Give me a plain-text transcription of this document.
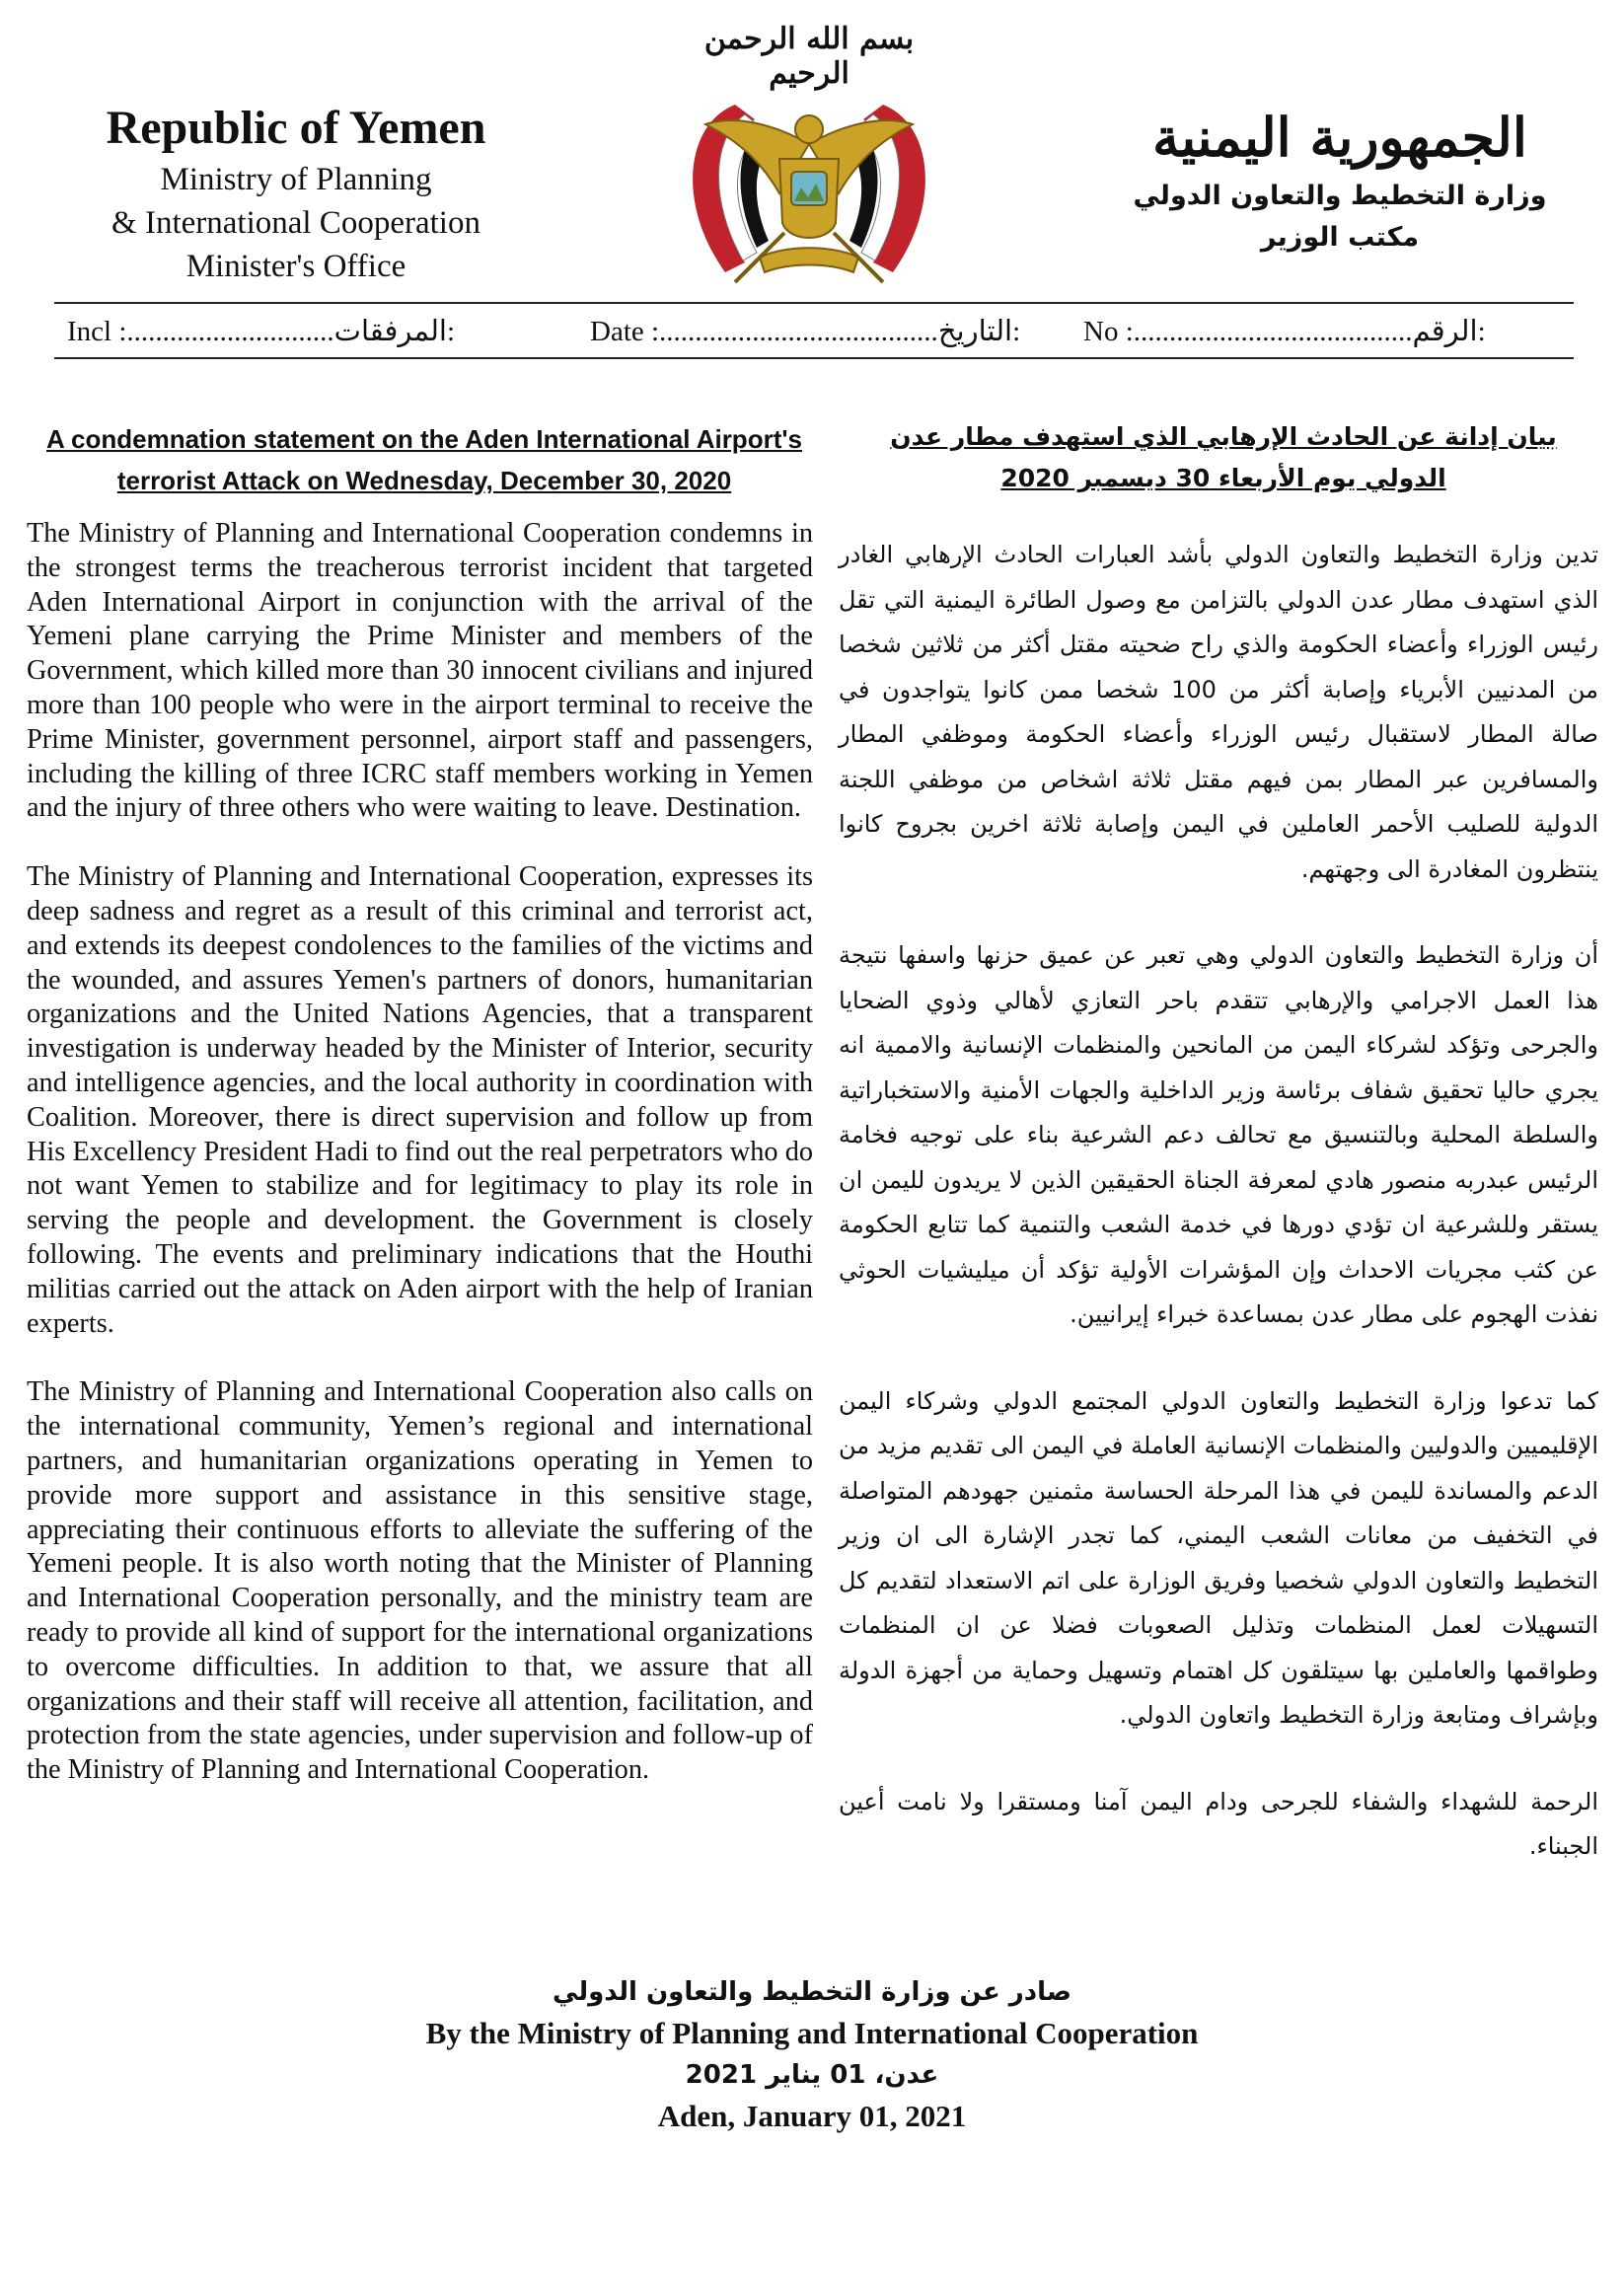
Republic of Yemen
Ministry of Planning
& International Cooperation
Minister's Office
بسم الله الرحمن الرحيم
الجمهورية اليمنية
وزارة التخطيط والتعاون الدولي
مكتب الوزير
Incl :.............................المرفقات:	Date :.......................................التاريخ: No :.......................................الرقم:
A condemnation statement on the Aden International Airport's terrorist Attack on Wednesday, December 30, 2020
بيان إدانة عن الحادث الإرهابي الذي استهدف مطار عدن الدولي يوم الأربعاء 30 ديسمبر 2020

The Ministry of Planning and International Cooperation condemns in the strongest terms the treacherous terrorist incident that targeted Aden International Airport in conjunction with the arrival of the Yemeni plane carrying the Prime Minister and members of the Government, which killed more than 30 innocent civilians and injured more than 100 people who were in the airport terminal to receive the Prime Minister, government personnel, airport staff and passengers, including the killing of three ICRC staff members working in Yemen and the injury of three others who were waiting to leave. Destination.

The Ministry of Planning and International Cooperation, expresses its deep sadness and regret as a result of this criminal and terrorist act, and extends its deepest condolences to the families of the victims and the wounded, and assures Yemen's partners of donors, humanitarian organizations and the United Nations Agencies, that a transparent investigation is underway headed by the Minister of Interior, security and intelligence agencies, and the local authority in coordination with Coalition. Moreover, there is direct supervision and follow up from His Excellency President Hadi to find out the real perpetrators who do not want Yemen to stabilize and for legitimacy to play its role in serving the people and development. the Government is closely following. The events and preliminary indications that the Houthi militias carried out the attack on Aden airport with the help of Iranian experts.

The Ministry of Planning and International Cooperation also calls on the international community, Yemen’s regional and international partners, and humanitarian organizations operating in Yemen to provide more support and assistance in this sensitive stage, appreciating their continuous efforts to alleviate the suffering of the Yemeni people. It is also worth noting that the Minister of Planning and International Cooperation personally, and the ministry team are ready to provide all kind of support for the international organizations to overcome difficulties. In addition to that, we assure that all organizations and their staff will receive all attention, facilitation, and protection from the state agencies, under supervision and follow-up of the Ministry of Planning and International Cooperation.

تدين وزارة التخطيط والتعاون الدولي بأشد العبارات الحادث الإرهابي الغادر الذي استهدف مطار عدن الدولي بالتزامن مع وصول الطائرة اليمنية التي تقل رئيس الوزراء وأعضاء الحكومة والذي راح ضحيته مقتل أكثر من ثلاثين شخصا من المدنيين الأبرياء وإصابة أكثر من 100 شخصا ممن كانوا يتواجدون في صالة المطار لاستقبال رئيس الوزراء وأعضاء الحكومة وموظفي المطار والمسافرين عبر المطار بمن فيهم مقتل ثلاثة اشخاص من موظفي اللجنة الدولية للصليب الأحمر العاملين في اليمن وإصابة ثلاثة اخرين بجروح كانوا ينتظرون المغادرة الى وجهتهم.

أن وزارة التخطيط والتعاون الدولي وهي تعبر عن عميق حزنها واسفها نتيجة هذا العمل الاجرامي والإرهابي تتقدم باحر التعازي لأهالي وذوي الضحايا والجرحى وتؤكد لشركاء اليمن من المانحين والمنظمات الإنسانية والاممية انه يجري حاليا تحقيق شفاف برئاسة وزير الداخلية والجهات الأمنية والاستخباراتية والسلطة المحلية وبالتنسيق مع تحالف دعم الشرعية بناء على توجيه فخامة الرئيس عبدربه منصور هادي لمعرفة الجناة الحقيقين الذين لا يريدون لليمن ان يستقر وللشرعية ان تؤدي دورها في خدمة الشعب والتنمية كما تتابع الحكومة عن كثب مجريات الاحداث وإن المؤشرات الأولية تؤكد أن ميليشيات الحوثي نفذت الهجوم على مطار عدن بمساعدة خبراء إيرانيين.

كما تدعوا وزارة التخطيط والتعاون الدولي المجتمع الدولي وشركاء اليمن الإقليميين والدوليين والمنظمات الإنسانية العاملة في اليمن الى تقديم مزيد من الدعم والمساندة لليمن في هذا المرحلة الحساسة مثمنين جهودهم المتواصلة في التخفيف من معانات الشعب اليمني، كما تجدر الإشارة الى ان وزير التخطيط والتعاون الدولي شخصيا وفريق الوزارة على اتم الاستعداد لتقديم كل التسهيلات لعمل المنظمات وتذليل الصعوبات فضلا عن ان المنظمات وطواقمها والعاملين بها سيتلقون كل اهتمام وتسهيل وحماية من أجهزة الدولة وبإشراف ومتابعة وزارة التخطيط واتعاون الدولي.

الرحمة للشهداء والشفاء للجرحى ودام اليمن آمنا ومستقرا ولا نامت أعين الجبناء.

صادر عن وزارة التخطيط والتعاون الدولي
By the Ministry of Planning and International Cooperation
عدن، 01 يناير 2021
Aden, January 01, 2021
